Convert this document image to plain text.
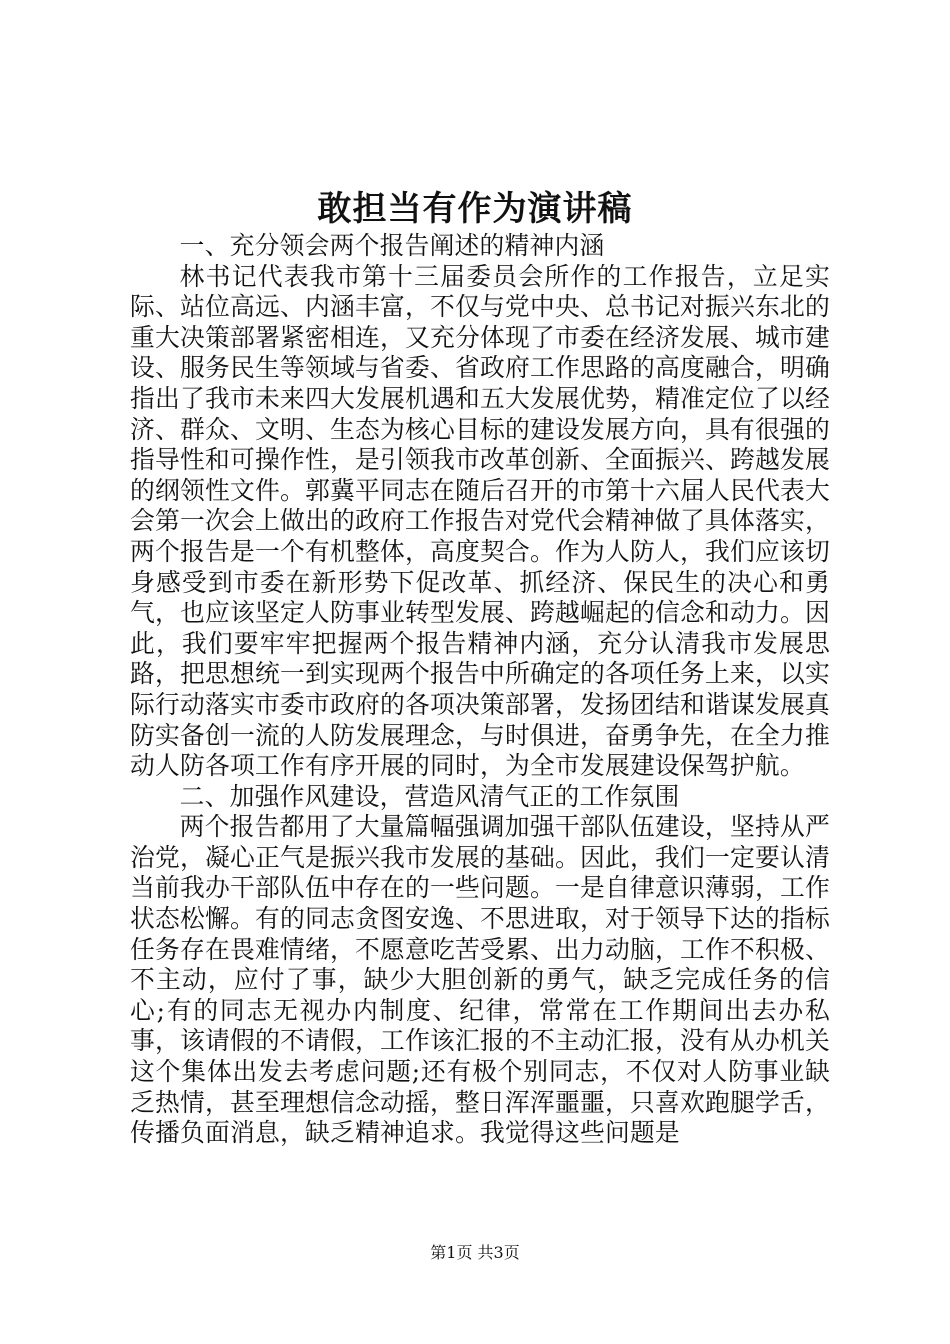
敢担当有作为演讲稿

一、充分领会两个报告阐述的精神内涵

林书记代表我市第十三届委员会所作的工作报告，立足实际、站位高远、内涵丰富，不仅与党中央、总书记对振兴东北的重大决策部署紧密相连，又充分体现了市委在经济发展、城市建设、服务民生等领域与省委、省政府工作思路的高度融合，明确指出了我市未来四大发展机遇和五大发展优势，精准定位了以经济、群众、文明、生态为核心目标的建设发展方向，具有很强的指导性和可操作性，是引领我市改革创新、全面振兴、跨越发展的纲领性文件。郭冀平同志在随后召开的市第十六届人民代表大会第一次会上做出的政府工作报告对党代会精神做了具体落实，两个报告是一个有机整体，高度契合。作为人防人，我们应该切身感受到市委在新形势下促改革、抓经济、保民生的决心和勇气，也应该坚定人防事业转型发展、跨越崛起的信念和动力。因此，我们要牢牢把握两个报告精神内涵，充分认清我市发展思路，把思想统一到实现两个报告中所确定的各项任务上来，以实际行动落实市委市政府的各项决策部署，发扬团结和谐谋发展真防实备创一流的人防发展理念，与时俱进，奋勇争先，在全力推动人防各项工作有序开展的同时，为全市发展建设保驾护航。

二、加强作风建设，营造风清气正的工作氛围

两个报告都用了大量篇幅强调加强干部队伍建设，坚持从严治党，凝心正气是振兴我市发展的基础。因此，我们一定要认清当前我办干部队伍中存在的一些问题。一是自律意识薄弱，工作状态松懈。有的同志贪图安逸、不思进取，对于领导下达的指标任务存在畏难情绪，不愿意吃苦受累、出力动脑，工作不积极、不主动，应付了事，缺少大胆创新的勇气，缺乏完成任务的信心;有的同志无视办内制度、纪律，常常在工作期间出去办私事，该请假的不请假，工作该汇报的不主动汇报，没有从办机关这个集体出发去考虑问题;还有极个别同志，不仅对人防事业缺乏热情，甚至理想信念动摇，整日浑浑噩噩，只喜欢跑腿学舌，传播负面消息，缺乏精神追求。我觉得这些问题是

第1页 共3页
